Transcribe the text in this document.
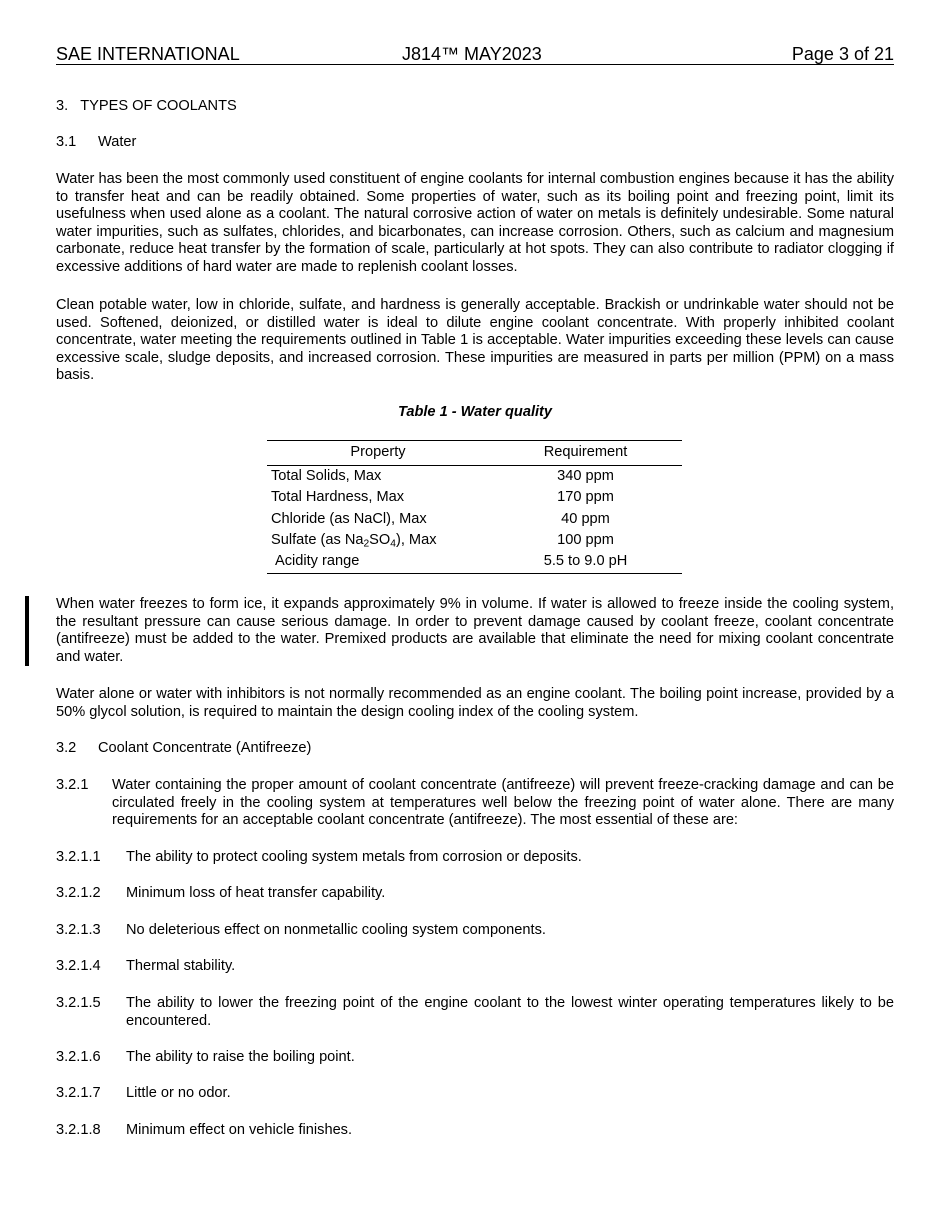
SAE INTERNATIONAL	J814™ MAY2023	Page 3 of 21
3. TYPES OF COOLANTS
3.1 Water
Water has been the most commonly used constituent of engine coolants for internal combustion engines because it has the ability to transfer heat and can be readily obtained. Some properties of water, such as its boiling point and freezing point, limit its usefulness when used alone as a coolant. The natural corrosive action of water on metals is definitely undesirable. Some natural water impurities, such as sulfates, chlorides, and bicarbonates, can increase corrosion. Others, such as calcium and magnesium carbonate, reduce heat transfer by the formation of scale, particularly at hot spots. They can also contribute to radiator clogging if excessive additions of hard water are made to replenish coolant losses.
Clean potable water, low in chloride, sulfate, and hardness is generally acceptable. Brackish or undrinkable water should not be used. Softened, deionized, or distilled water is ideal to dilute engine coolant concentrate. With properly inhibited coolant concentrate, water meeting the requirements outlined in Table 1 is acceptable. Water impurities exceeding these levels can cause excessive scale, sludge deposits, and increased corrosion. These impurities are measured in parts per million (PPM) on a mass basis.
Table 1 - Water quality
Property	Requirement
Total Solids, Max	340 ppm
Total Hardness, Max	170 ppm
Chloride (as NaCl), Max	40 ppm
Sulfate (as $Na_2SO_4$), Max	100 ppm
Acidity range	5.5 to 9.0 pH
When water freezes to form ice, it expands approximately 9% in volume. If water is allowed to freeze inside the cooling system, the resultant pressure can cause serious damage. In order to prevent damage caused by coolant freeze, coolant concentrate (antifreeze) must be added to the water. Premixed products are available that eliminate the need for mixing coolant concentrate and water.
Water alone or water with inhibitors is not normally recommended as an engine coolant. The boiling point increase, provided by a 50% glycol solution, is required to maintain the design cooling index of the cooling system.
3.2 Coolant Concentrate (Antifreeze)
3.2.1 Water containing the proper amount of coolant concentrate (antifreeze) will prevent freeze-cracking damage and can be circulated freely in the cooling system at temperatures well below the freezing point of water alone. There are many requirements for an acceptable coolant concentrate (antifreeze). The most essential of these are:
3.2.1.1 The ability to protect cooling system metals from corrosion or deposits.
3.2.1.2 Minimum loss of heat transfer capability.
3.2.1.3 No deleterious effect on nonmetallic cooling system components.
3.2.1.4 Thermal stability.
3.2.1.5 The ability to lower the freezing point of the engine coolant to the lowest winter operating temperatures likely to be encountered.
3.2.1.6 The ability to raise the boiling point.
3.2.1.7 Little or no odor.
3.2.1.8 Minimum effect on vehicle finishes.
